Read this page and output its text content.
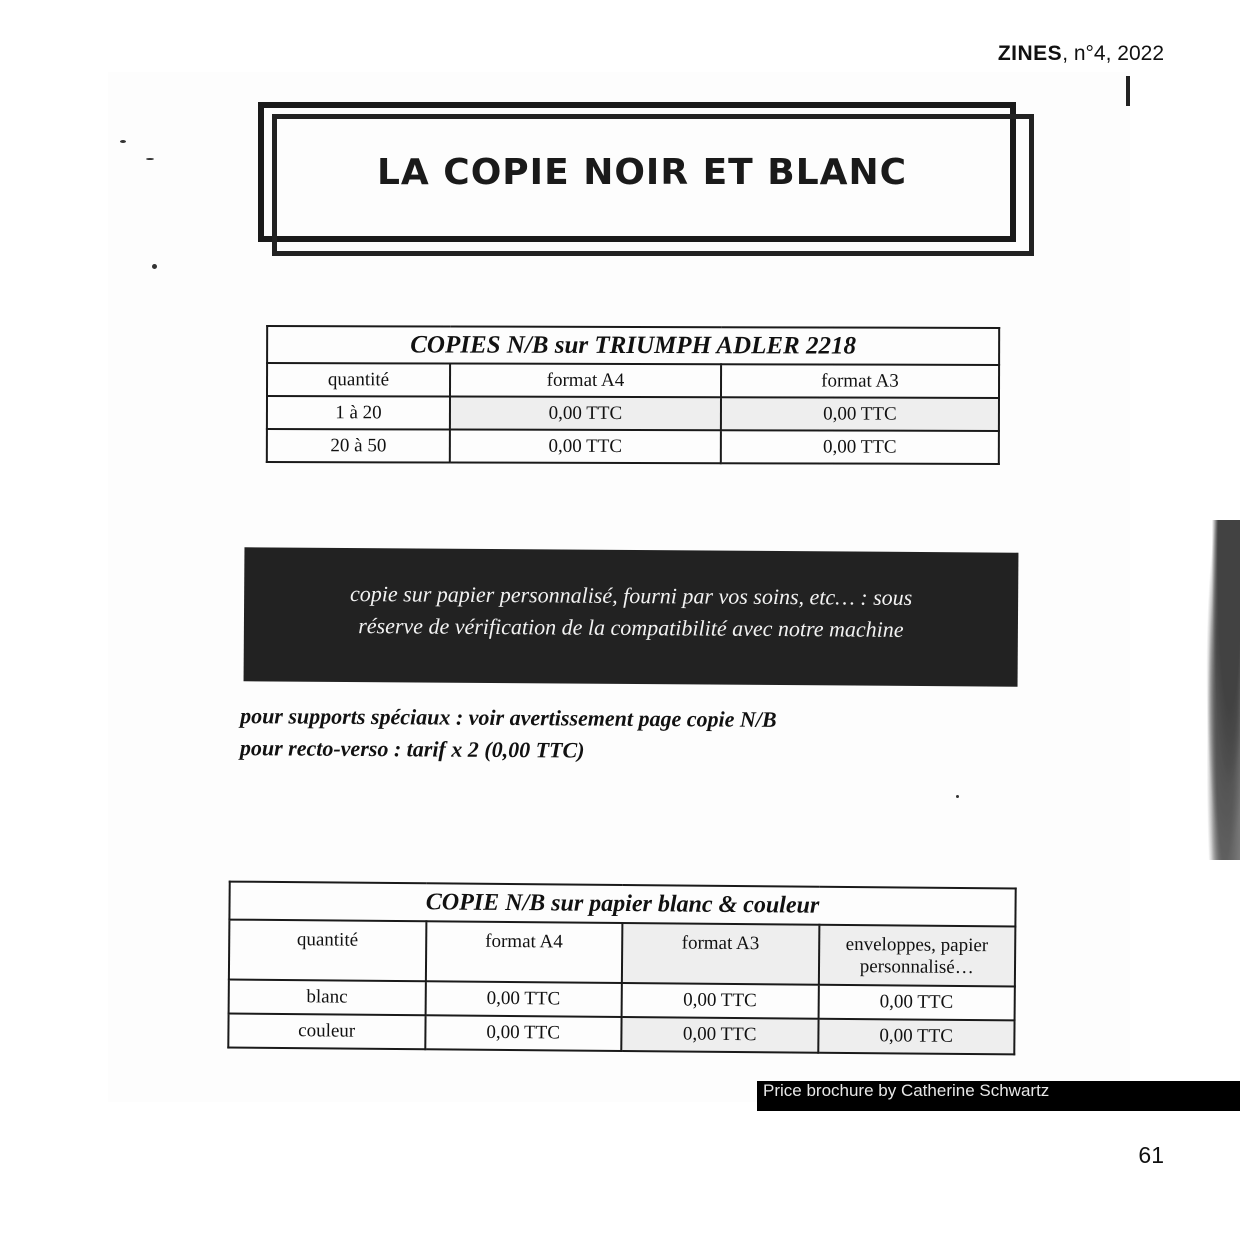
ZINES, n°4, 2022
LA COPIE NOIR ET BLANC
COPIES N/B sur TRIUMPH ADLER 2218		
quantité	format A4	format A3
1 à 20	0,00 TTC	0,00 TTC
20 à 50	0,00 TTC	0,00 TTC
copie sur papier personnalisé, fourni par vos soins, etc… : sous
réserve de vérification de la compatibilité avec notre machine
pour supports spéciaux : voir avertissement page copie N/B
pour recto-verso : tarif x 2 (0,00 TTC)
COPIE N/B sur papier blanc & couleur			
quantité	format A4	format A3	enveloppes, papier personnalisé…
blanc	0,00 TTC	0,00 TTC	0,00 TTC
couleur	0,00 TTC	0,00 TTC	0,00 TTC
Price brochure by Catherine Schwartz
61
